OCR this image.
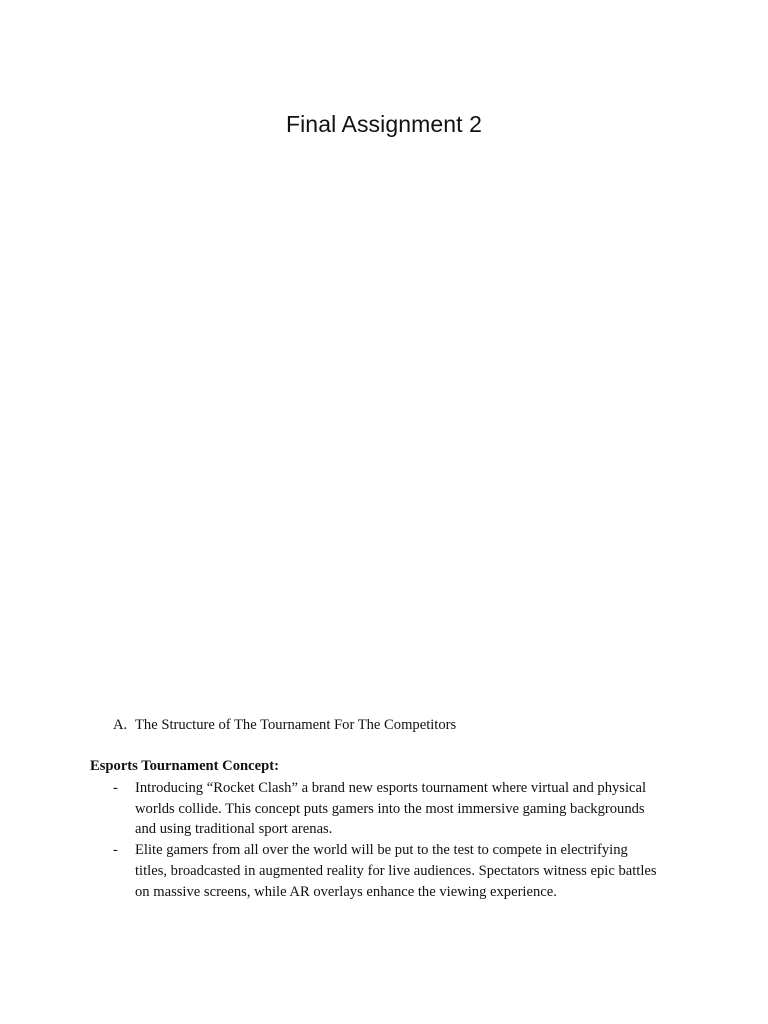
Final Assignment 2
A. The Structure of The Tournament For The Competitors
Esports Tournament Concept:
- Introducing “Rocket Clash” a brand new esports tournament where virtual and physical
worlds collide. This concept puts gamers into the most immersive gaming backgrounds
and using traditional sport arenas.
- Elite gamers from all over the world will be put to the test to compete in electrifying
titles, broadcasted in augmented reality for live audiences. Spectators witness epic battles
on massive screens, while AR overlays enhance the viewing experience.
